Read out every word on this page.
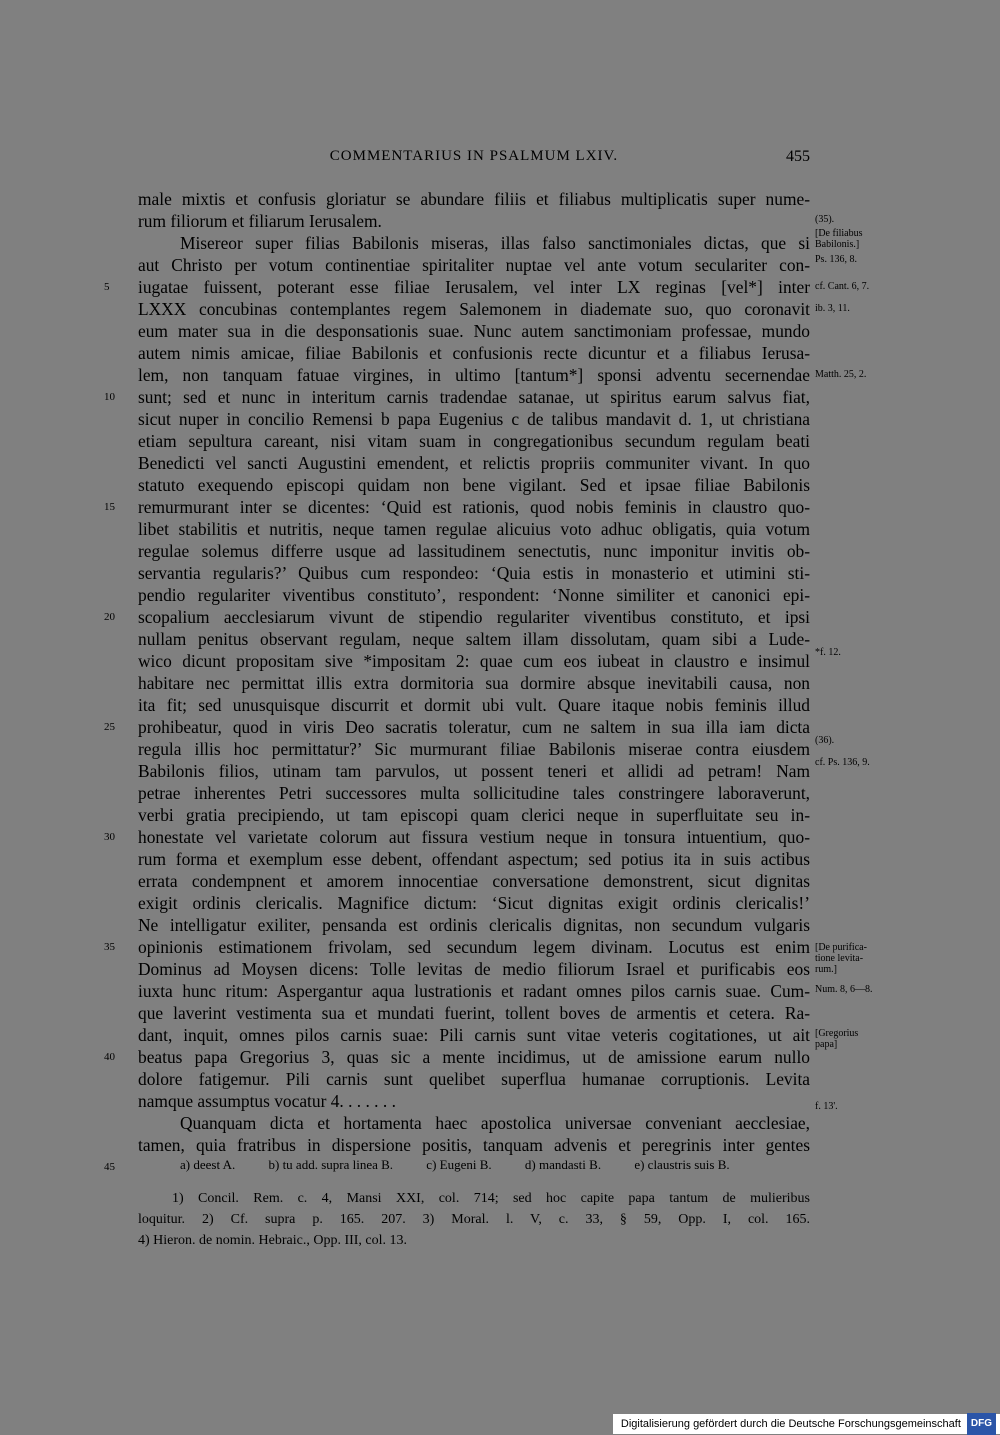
COMMENTARIUS IN PSALMUM LXIV.	455
male mixtis et confusis gloriatur se abundare filiis et filiabus multiplicatis super nume-
rum filiorum et filiarum Ierusalem.
Misereor super filias Babilonis miseras, illas falso sanctimoniales dictas, que si
aut Christo per votum continentiae spiritaliter nuptae vel ante votum seculariter con-
iugatae fuissent, poterant esse filiae Ierusalem, vel inter LX reginas [vel*] inter
LXXX concubinas contemplantes regem Salemonem in diademate suo, quo coronavit
eum mater sua in die desponsationis suae. Nunc autem sanctimoniam professae, mundo
autem nimis amicae, filiae Babilonis et confusionis recte dicuntur et a filiabus Ierusa-
lem, non tanquam fatuae virgines, in ultimo [tantum*] sponsi adventu secernendae
sunt; sed et nunc in interitum carnis tradendae satanae, ut spiritus earum salvus fiat,
sicut nuper in concilio Remensi b papa Eugenius c de talibus mandavit d. 1, ut christiana
etiam sepultura careant, nisi vitam suam in congregationibus secundum regulam beati
Benedicti vel sancti Augustini emendent, et relictis propriis communiter vivant. In quo
statuto exequendo episcopi quidam non bene vigilant. Sed et ipsae filiae Babilonis
remurmurant inter se dicentes: ‘Quid est rationis, quod nobis feminis in claustro quo-
libet stabilitis et nutritis, neque tamen regulae alicuius voto adhuc obligatis, quia votum
regulae solemus differre usque ad lassitudinem senectutis, nunc imponitur invitis ob-
servantia regularis?’ Quibus cum respondeo: ‘Quia estis in monasterio et utimini sti-
pendio regulariter viventibus constituto’, respondent: ‘Nonne similiter et canonici epi-
scopalium aecclesiarum vivunt de stipendio regulariter viventibus constituto, et ipsi
nullam penitus observant regulam, neque saltem illam dissolutam, quam sibi a Lude-
wico dicunt propositam sive *impositam 2: quae cum eos iubeat in claustro e insimul
habitare nec permittat illis extra dormitoria sua dormire absque inevitabili causa, non
ita fit; sed unusquisque discurrit et dormit ubi vult. Quare itaque nobis feminis illud
prohibeatur, quod in viris Deo sacratis toleratur, cum ne saltem in sua illa iam dicta
regula illis hoc permittatur?’ Sic murmurant filiae Babilonis miserae contra eiusdem
Babilonis filios, utinam tam parvulos, ut possent teneri et allidi ad petram! Nam
petrae inherentes Petri successores multa sollicitudine tales constringere laboraverunt,
verbi gratia precipiendo, ut tam episcopi quam clerici neque in superfluitate seu in-
honestate vel varietate colorum aut fissura vestium neque in tonsura intuentium, quo-
rum forma et exemplum esse debent, offendant aspectum; sed potius ita in suis actibus
errata condempnent et amorem innocentiae conversatione demonstrent, sicut dignitas
exigit ordinis clericalis. Magnifice dictum: ‘Sicut dignitas exigit ordinis clericalis!’
Ne intelligatur exiliter, pensanda est ordinis clericalis dignitas, non secundum vulgaris
opinionis estimationem frivolam, sed secundum legem divinam. Locutus est enim
Dominus ad Moysen dicens: Tolle levitas de medio filiorum Israel et purificabis eos
iuxta hunc ritum: Aspergantur aqua lustrationis et radant omnes pilos carnis suae. Cum-
que laverint vestimenta sua et mundati fuerint, tollent boves de armentis et cetera. Ra-
dant, inquit, omnes pilos carnis suae: Pili carnis sunt vitae veteris cogitationes, ut ait
beatus papa Gregorius 3, quas sic a mente incidimus, ut de amissione earum nullo
dolore fatigemur. Pili carnis sunt quelibet superflua humanae corruptionis. Levita
namque assumptus vocatur 4. . . . . . .
Quanquam dicta et hortamenta haec apostolica universae conveniant aecclesiae,
tamen, quia fratribus in dispersione positis, tanquam advenis et peregrinis inter gentes
5
10
15
20
25
30
35
40
45
(35).
[De filiabus Babilonis.]
Ps. 136, 8.
cf. Cant. 6, 7.
ib. 3, 11.
Matth. 25, 2.
*f. 12.
(36).
cf. Ps. 136, 9.
[De purifica- tione levita- rum.]
Num. 8, 6—8.
[Gregorius papa]
f. 13'.
a) deest A.	b) tu add. supra linea B.	c) Eugeni B.	d) mandasti B.	e) claustris suis B.
1) Concil. Rem. c. 4, Mansi XXI, col. 714; sed hoc capite papa tantum de mulieribus
loquitur. 2) Cf. supra p. 165. 207. 3) Moral. l. V, c. 33, § 59, Opp. I, col. 165.
4) Hieron. de nomin. Hebraic., Opp. III, col. 13.
Digitalisierung gefördert durch die Deutsche Forschungsgemeinschaft	DFG
